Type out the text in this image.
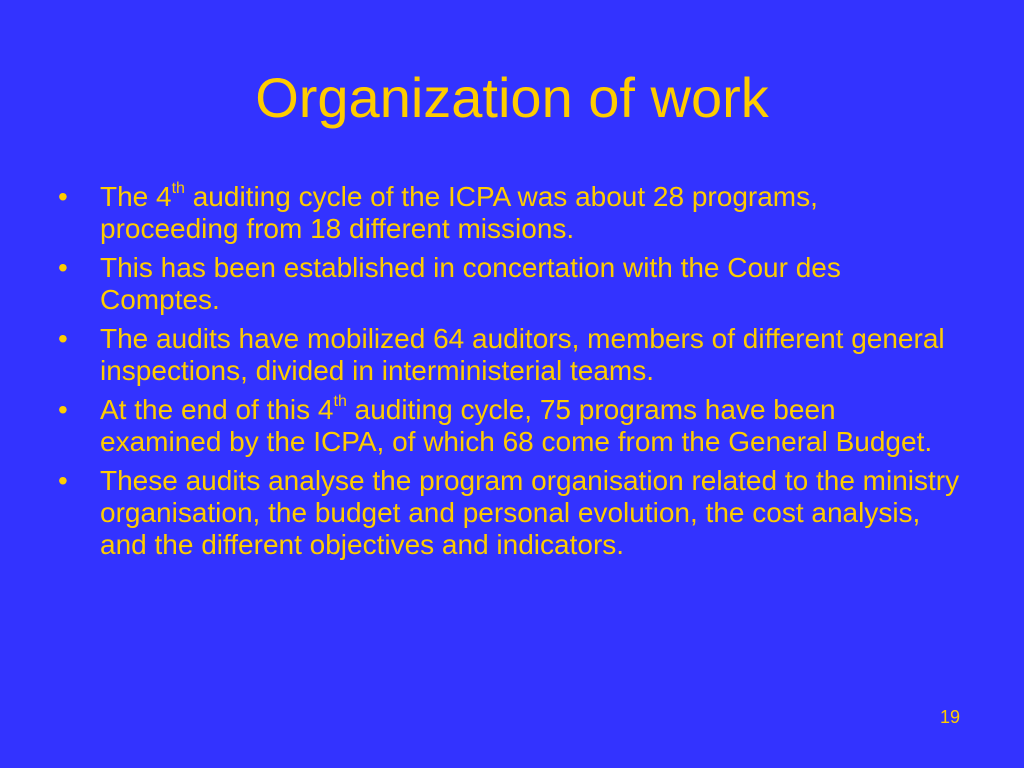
Organization of work
•	The 4th auditing cycle of the ICPA was about 28 programs, proceeding from 18 different missions.
•	This has been established in concertation with the Cour des Comptes.
•	The audits have mobilized 64 auditors, members of different general inspections, divided in interministerial teams.
•	At the end of this 4th auditing cycle, 75 programs have been examined by the ICPA, of which 68 come from the General Budget.
•	These audits analyse the program organisation related to the ministry organisation, the budget and personal evolution, the cost analysis, and the different objectives and indicators.
19
